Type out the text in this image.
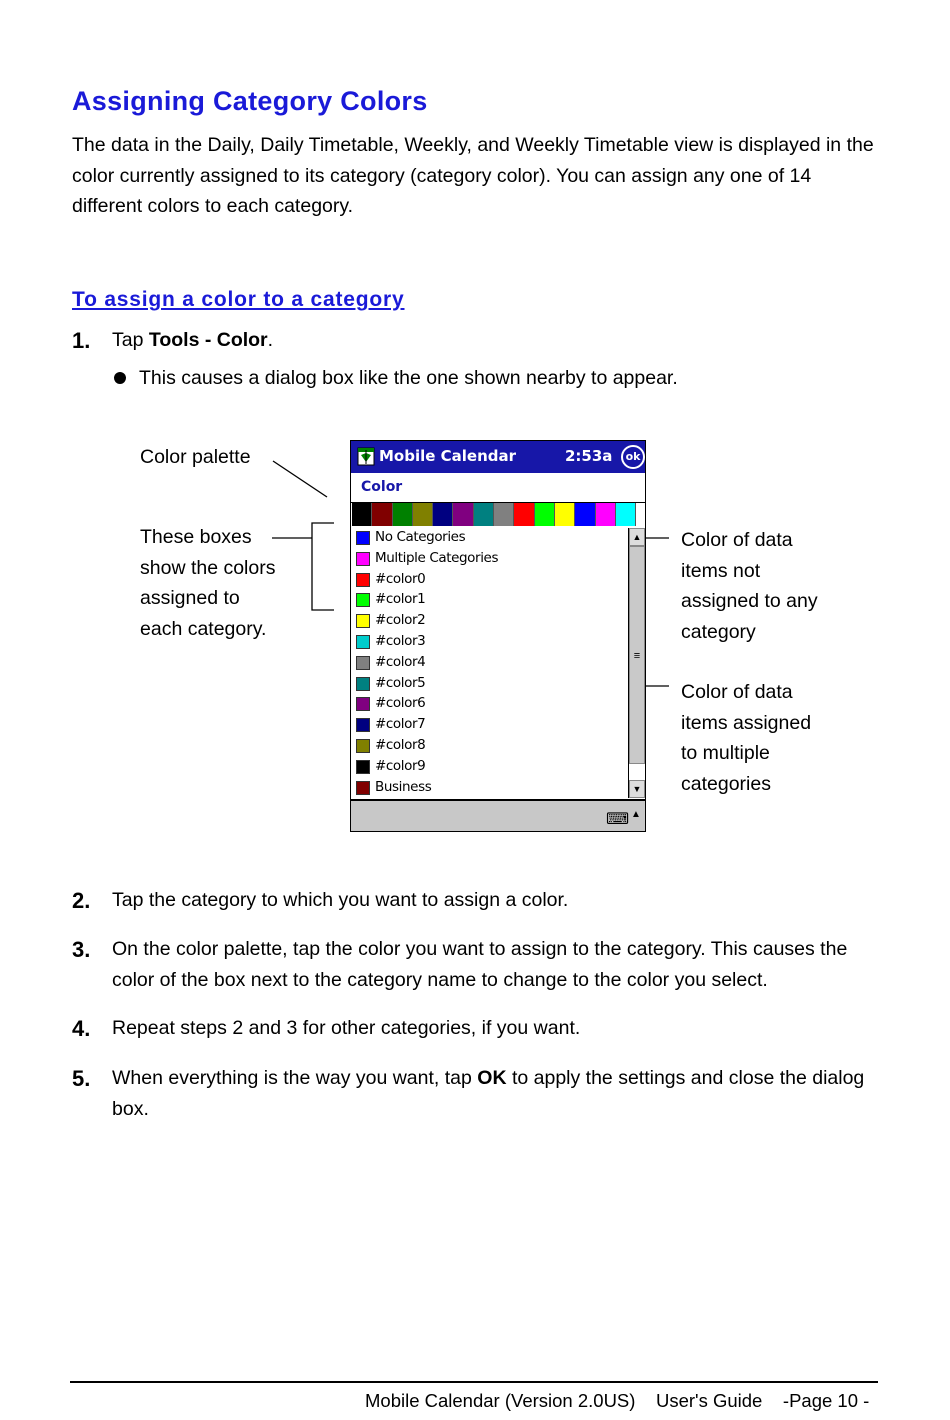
Assigning Category Colors

The data in the Daily, Daily Timetable, Weekly, and Weekly Timetable view is displayed in the color currently assigned to its category (category color). You can assign any one of 14 different colors to each category.

To assign a color to a category
1. Tap Tools - Color.
This causes a dialog box like the one shown nearby to appear.
Color palette
These boxes
show the colors
assigned to
each category.
Color of data
items not
assigned to any
category
Color of data
items assigned
to multiple
categories
Mobile Calendar	2:53a	ok
Color
No Categories
Multiple Categories
#color0
#color1
#color2
#color3
#color4
#color5
#color6
#color7
#color8
#color9
Business
▲
≡
▼
⌨ ▲
2. Tap the category to which you want to assign a color.
3. On the color palette, tap the color you want to assign to the category. This causes the color of the box next to the category name to change to the color you select.
4. Repeat steps 2 and 3 for other categories, if you want.
5. When everything is the way you want, tap OK to apply the settings and close the dialog box.
Mobile Calendar (Version 2.0US)    User's Guide    -Page 10 -
